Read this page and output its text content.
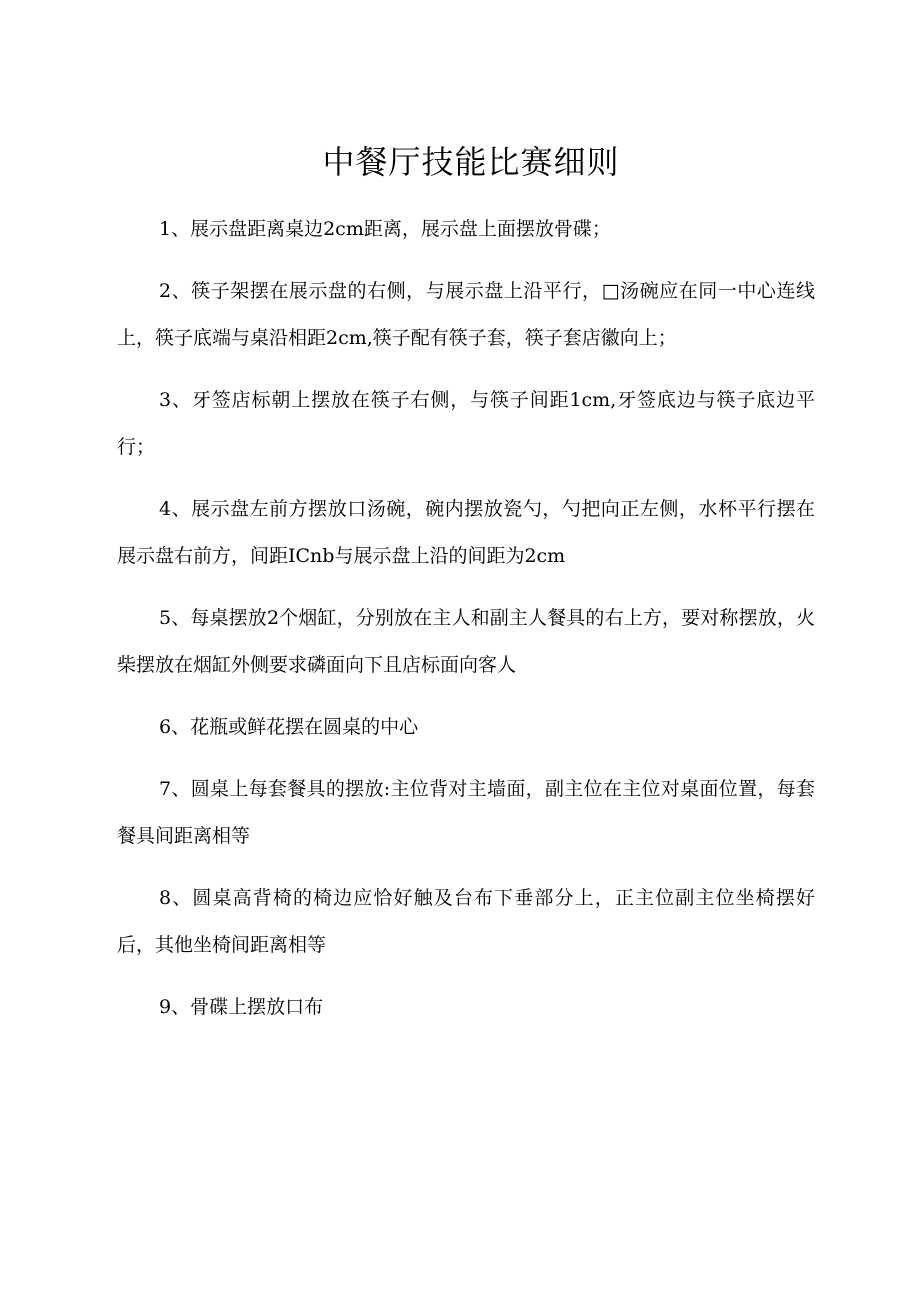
中餐厅技能比赛细则

1、展示盘距离桌边2cm距离，展示盘上面摆放骨碟；

2、筷子架摆在展示盘的右侧，与展示盘上沿平行，□汤碗应在同一中心连线上，筷子底端与桌沿相距2cm,筷子配有筷子套，筷子套店徽向上；

3、牙签店标朝上摆放在筷子右侧，与筷子间距1cm,牙签底边与筷子底边平行；

4、展示盘左前方摆放口汤碗，碗内摆放瓷勺，勺把向正左侧，水杯平行摆在展示盘右前方，间距ICnb与展示盘上沿的间距为2cm

5、每桌摆放2个烟缸，分别放在主人和副主人餐具的右上方，要对称摆放，火柴摆放在烟缸外侧要求磷面向下且店标面向客人

6、花瓶或鲜花摆在圆桌的中心

7、圆桌上每套餐具的摆放:主位背对主墙面，副主位在主位对桌面位置，每套餐具间距离相等

8、圆桌高背椅的椅边应恰好触及台布下垂部分上，正主位副主位坐椅摆好后，其他坐椅间距离相等

9、骨碟上摆放口布
